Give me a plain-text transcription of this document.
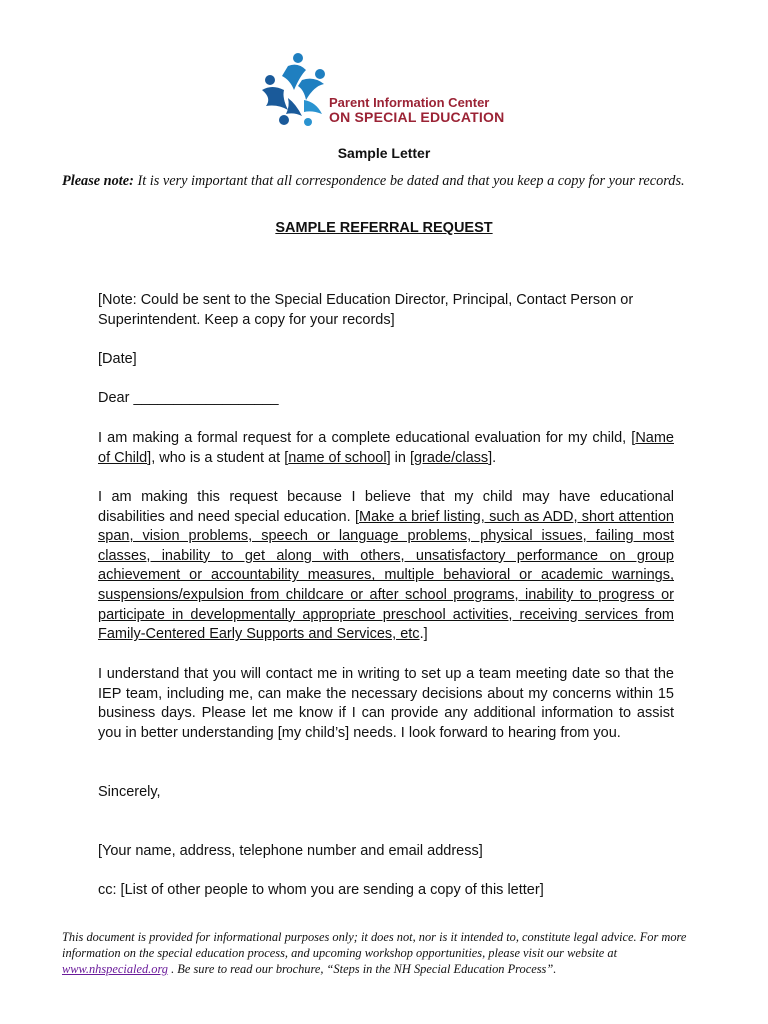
Parent Information Center
ON SPECIAL EDUCATION
Sample Letter
Please note: It is very important that all correspondence be dated and that you keep a copy for your records.
SAMPLE REFERRAL REQUEST
[Note: Could be sent to the Special Education Director, Principal, Contact Person or Superintendent. Keep a copy for your records]
[Date]
Dear __________________
I am making a formal request for a complete educational evaluation for my child, [Name of Child], who is a student at [name of school] in [grade/class].
I am making this request because I believe that my child may have educational disabilities and need special education. [Make a brief listing, such as ADD, short attention span, vision problems, speech or language problems, physical issues, failing most classes, inability to get along with others, unsatisfactory performance on group achievement or accountability measures, multiple behavioral or academic warnings, suspensions/expulsion from childcare or after school programs, inability to progress or participate in developmentally appropriate preschool activities, receiving services from Family-Centered Early Supports and Services, etc.]
I understand that you will contact me in writing to set up a team meeting date so that the IEP team, including me, can make the necessary decisions about my concerns within 15 business days. Please let me know if I can provide any additional information to assist you in better understanding [my child’s] needs. I look forward to hearing from you.
Sincerely,
[Your name, address, telephone number and email address]
cc: [List of other people to whom you are sending a copy of this letter]
This document is provided for informational purposes only; it does not, nor is it intended to, constitute legal advice. For more information on the special education process, and upcoming workshop opportunities, please visit our website at www.nhspecialed.org . Be sure to read our brochure, “Steps in the NH Special Education Process”.
